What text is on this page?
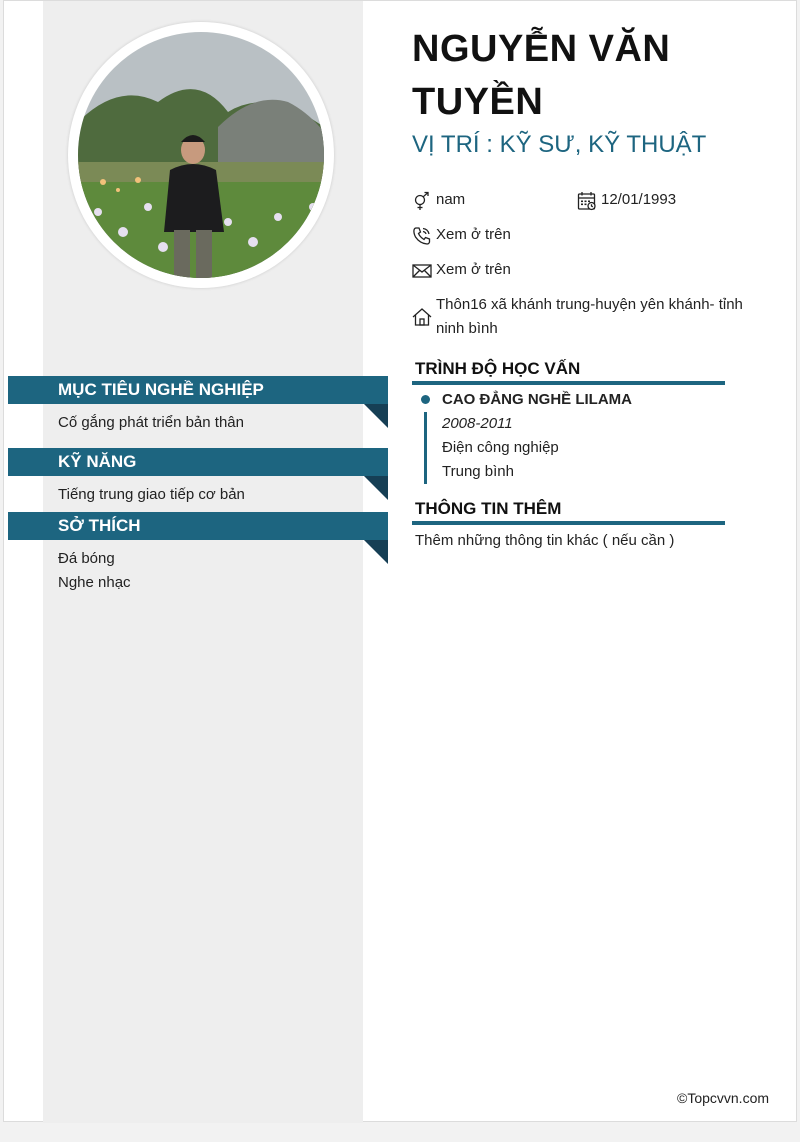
MỤC TIÊU NGHỀ NGHIỆP
Cố gắng phát triển bản thân
KỸ NĂNG
Tiếng trung giao tiếp cơ bản
SỞ THÍCH
Đá bóng
Nghe nhạc
NGUYỄN VĂN TUYỀN
VỊ TRÍ : KỸ SƯ, KỸ THUẬT
nam	12/01/1993
Xem ở trên
Xem ở trên
Thôn16 xã khánh trung-huyện yên khánh- tỉnh ninh bình
TRÌNH ĐỘ HỌC VẤN
CAO ĐẲNG NGHỀ LILAMA
2008-2011
Điện công nghiệp
Trung bình
THÔNG TIN THÊM
Thêm những thông tin khác ( nếu cần )
©Topcvvn.com
